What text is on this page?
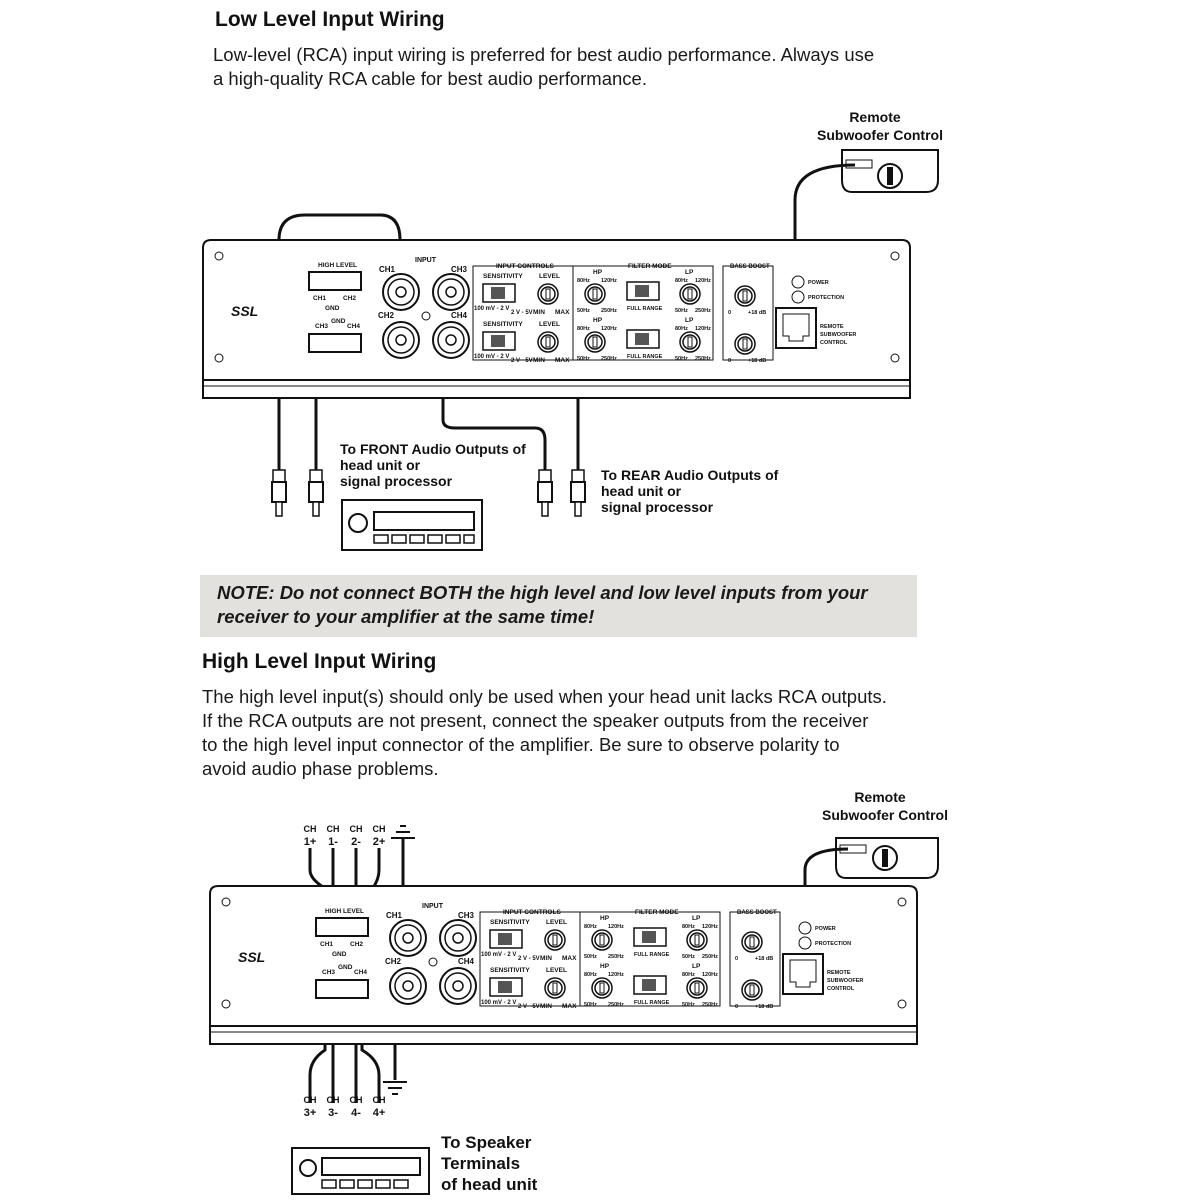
Low Level Input Wiring
Low-level (RCA) input wiring is preferred for best audio performance. Always use
a high-quality RCA cable for best audio performance.
NOTE: Do not connect BOTH the high level and low level inputs from your
receiver to your amplifier at the same time!
High Level Input Wiring
The high level input(s) should only be used when your head unit lacks RCA outputs.
If the RCA outputs are not present, connect the speaker outputs from the receiver
to the high level input connector of the amplifier. Be sure to observe polarity to
avoid audio phase problems.
Remote
Subwoofer Control
To FRONT Audio Outputs of
head unit or
signal processor	To REAR Audio Outputs of
head unit or
signal processor
Remote
Subwoofer Control
CH
1+
CH
3+
CH
1-
CH
3-
CH
2-
CH
4-
CH
2+
CH
4+
To Speaker
Terminals
of head unit
SSL
HIGH LEVEL
CH1	CH2
GND
CH3
GND
CH4
CH1
CH2
CH3
CH4
INPUT
INPUT CONTROLS
SENSITIVITY	LEVEL
100 mV - 2 V
2 V - 5V MIN MAX
SENSITIVITY	LEVEL
100 mV - 2 V
2 V - 5V MIN MAX
FILTER MODE
HP	LP
80Hz 120Hz	80Hz 120Hz
50Hz 250Hz	50Hz 250Hz
FULL RANGE
HP	LP
80Hz 120Hz	80Hz 120Hz
50Hz 250Hz	50Hz 250Hz
FULL RANGE
BASS BOOST
0	+18 dB
0	+18 dB
POWER
PROTECTION
REMOTE
SUBWOOFER
CONTROL
SSL
HIGH LEVEL
CH1	CH2
GND
CH3
GND
CH4
CH1
CH2
CH3
CH4
INPUT
INPUT CONTROLS
SENSITIVITY	LEVEL
100 mV - 2 V
2 V - 5V MIN MAX
SENSITIVITY	LEVEL
100 mV - 2 V
2 V - 5V MIN MAX
FILTER MODE
HP	LP
80Hz 120Hz	80Hz 120Hz
50Hz 250Hz	50Hz 250Hz
FULL RANGE
HP	LP
80Hz 120Hz	80Hz 120Hz
50Hz 250Hz	50Hz 250Hz
FULL RANGE
BASS BOOST
0	+18 dB
0	+18 dB
POWER
PROTECTION
REMOTE
SUBWOOFER
CONTROL
